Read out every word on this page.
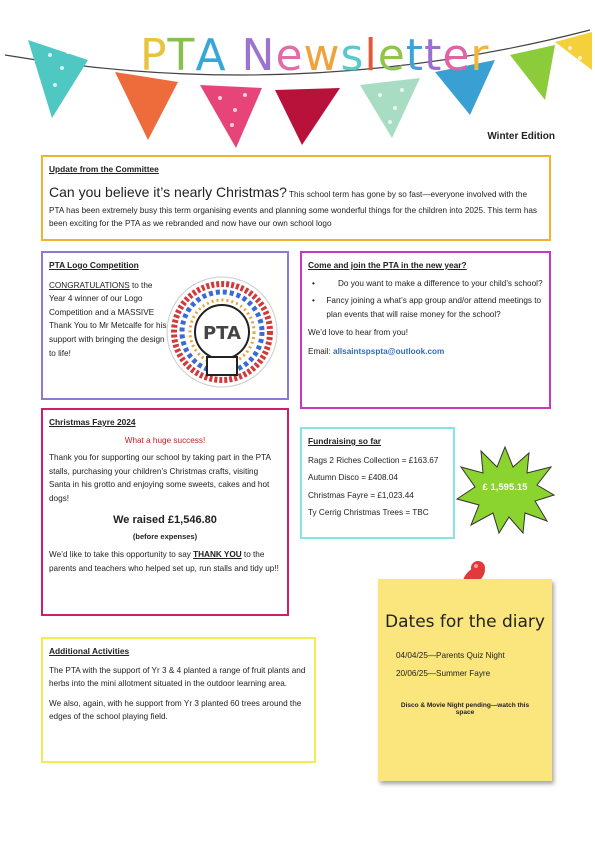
PTA Newsletter
Winter Edition
Update from the Committee
Can you believe it’s nearly Christmas? This school term has gone by so fast—everyone involved with the PTA has been extremely busy this term organising events and planning some wonderful things for the children into 2025. This term has been exciting for the PTA as we rebranded and now have our own school logo
PTA Logo Competition
CONGRATULATIONS to the Year 4 winner of our Logo Competition and a MASSIVE Thank You to Mr Metcalfe for his support with bringing the design to life!
PTA
Come and join the PTA in the new year?
•	Do you want to make a difference to your child’s school?
•	Fancy joining a what’s app group and/or attend meetings to plan events that will raise money for the school?
We’d love to hear from you!
Email: allsaintspspta@outlook.com
Christmas Fayre 2024
What a huge success!
Thank you for supporting our school by taking part in the PTA stalls, purchasing your children’s Christmas crafts, visiting Santa in his grotto and enjoying some sweets, cakes and hot dogs!
We raised £1,546.80
(before expenses)
We’d like to take this opportunity to say THANK YOU to the parents and teachers who helped set up, run stalls and tidy up!!
Fundraising so far
Rags 2 Riches Collection = £163.67
Autumn Disco = £408.04
Christmas Fayre = £1,023.44
Ty Cerrig Christmas Trees = TBC
£ 1,595.15
Additional Activities
The PTA with the support of Yr 3 & 4 planted a range of fruit plants and herbs into the mini allotment situated in the outdoor learning area.
We also, again, with he support from Yr 3 planted 60 trees around the edges of the school playing field.
Dates for the diary

04/04/25—Parents Quiz Night

20/06/25—Summer Fayre

Disco & Movie Night pending—watch this space
